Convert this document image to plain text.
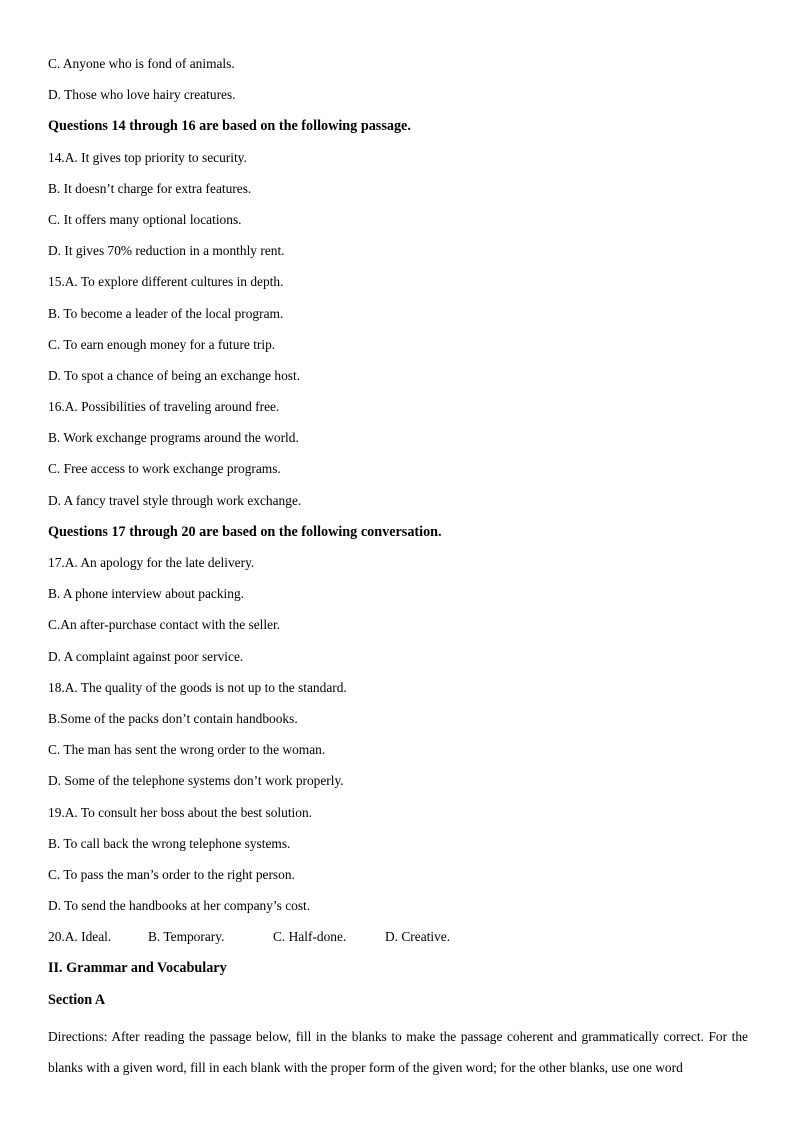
C. Anyone who is fond of animals.
D. Those who love hairy creatures.
Questions 14 through 16 are based on the following passage.
14.A. It gives top priority to security.
B. It doesn’t charge for extra features.
C. It offers many optional locations.
D. It gives 70% reduction in a monthly rent.
15.A. To explore different cultures in depth.
B. To become a leader of the local program.
C. To earn enough money for a future trip.
D. To spot a chance of being an exchange host.
16.A. Possibilities of traveling around free.
B. Work exchange programs around the world.
C. Free access to work exchange programs.
D. A fancy travel style through work exchange.
Questions 17 through 20 are based on the following conversation.
17.A. An apology for the late delivery.
B. A phone interview about packing.
C.An after-purchase contact with the seller.
D. A complaint against poor service.
18.A. The quality of the goods is not up to the standard.
B.Some of the packs don’t contain handbooks.
C. The man has sent the wrong order to the woman.
D. Some of the telephone systems don’t work properly.
19.A. To consult her boss about the best solution.
B. To call back the wrong telephone systems.
C. To pass the man’s order to the right person.
D. To send the handbooks at her company’s cost.
20.A. Ideal.	B. Temporary.	C. Half-done.	D. Creative.
II. Grammar and Vocabulary
Section A
Directions: After reading the passage below, fill in the blanks to make the passage coherent and grammatically correct. For the blanks with a given word, fill in each blank with the proper form of the given word; for the other blanks, use one word
